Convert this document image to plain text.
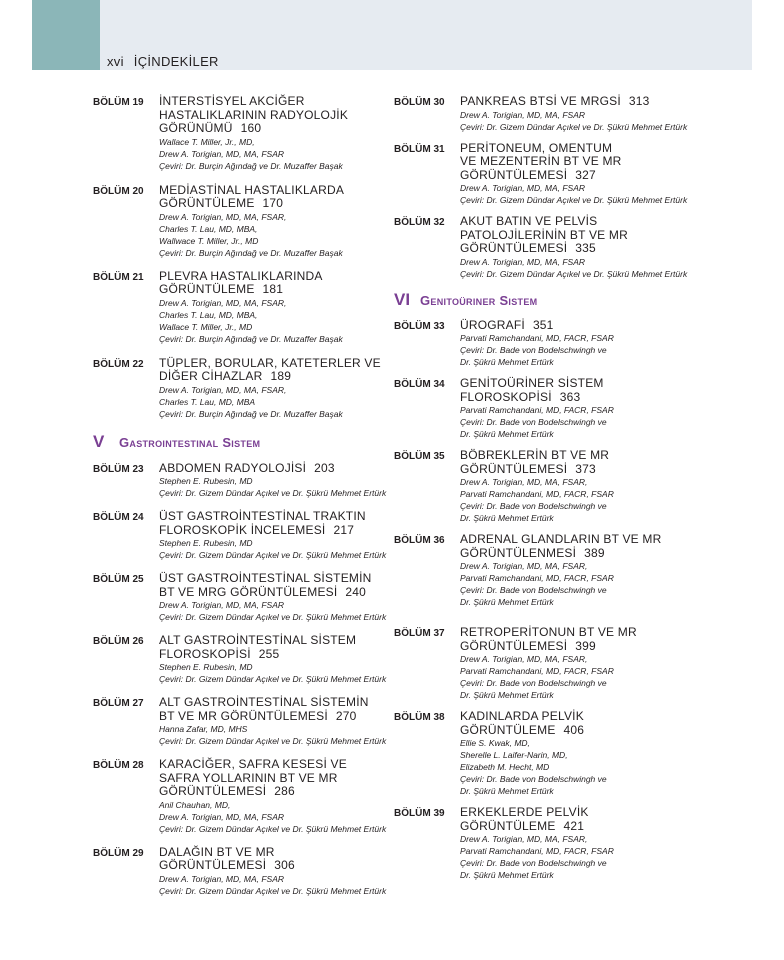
xvi İÇİNDEKİLER
BÖLÜM 19	İNTERSTİSYEL AKCİĞER
HASTALIKLARININ RADYOLOJİK
GÖRÜNÜMÜ 160
Wallace T. Miller, Jr., MD,
Drew A. Torigian, MD, MA, FSAR
Çeviri: Dr. Burçin Ağındağ ve Dr. Muzaffer Başak
BÖLÜM 20	MEDİASTİNAL HASTALIKLARDA
GÖRÜNTÜLEME 170
Drew A. Torigian, MD, MA, FSAR,
Charles T. Lau, MD, MBA,
Wallwace T. Miller, Jr., MD
Çeviri: Dr. Burçin Ağındağ ve Dr. Muzaffer Başak
BÖLÜM 21	PLEVRA HASTALIKLARINDA
GÖRÜNTÜLEME 181
Drew A. Torigian, MD, MA, FSAR,
Charles T. Lau, MD, MBA,
Wallace T. Miller, Jr., MD
Çeviri: Dr. Burçin Ağındağ ve Dr. Muzaffer Başak
BÖLÜM 22	TÜPLER, BORULAR, KATETERLER VE
DİĞER CİHAZLAR 189
Drew A. Torigian, MD, MA, FSAR,
Charles T. Lau, MD, MBA
Çeviri: Dr. Burçin Ağındağ ve Dr. Muzaffer Başak
V	Gastrointestinal Sistem
BÖLÜM 23	ABDOMEN RADYOLOJİSİ 203
Stephen E. Rubesin, MD
Çeviri: Dr. Gizem Dündar Açıkel ve Dr. Şükrü Mehmet Ertürk
BÖLÜM 24	ÜST GASTROİNTESTİNAL TRAKTIN
FLOROSKOPİK İNCELEMESİ 217
Stephen E. Rubesin, MD
Çeviri: Dr. Gizem Dündar Açıkel ve Dr. Şükrü Mehmet Ertürk
BÖLÜM 25	ÜST GASTROİNTESTİNAL SİSTEMİN
BT VE MRG GÖRÜNTÜLEMESİ 240
Drew A. Torigian, MD, MA, FSAR
Çeviri: Dr. Gizem Dündar Açıkel ve Dr. Şükrü Mehmet Ertürk
BÖLÜM 26	ALT GASTROİNTESTİNAL SİSTEM
FLOROSKOPİSİ 255
Stephen E. Rubesin, MD
Çeviri: Dr. Gizem Dündar Açıkel ve Dr. Şükrü Mehmet Ertürk
BÖLÜM 27	ALT GASTROİNTESTİNAL SİSTEMİN
BT VE MR GÖRÜNTÜLEMESİ 270
Hanna Zafar, MD, MHS
Çeviri: Dr. Gizem Dündar Açıkel ve Dr. Şükrü Mehmet Ertürk
BÖLÜM 28	KARACİĞER, SAFRA KESESİ VE
SAFRA YOLLARININ BT VE MR
GÖRÜNTÜLEMESİ 286
Anil Chauhan, MD,
Drew A. Torigian, MD, MA, FSAR
Çeviri: Dr. Gizem Dündar Açıkel ve Dr. Şükrü Mehmet Ertürk
BÖLÜM 29	DALAĞIN BT VE MR
GÖRÜNTÜLEMESİ 306
Drew A. Torigian, MD, MA, FSAR
Çeviri: Dr. Gizem Dündar Açıkel ve Dr. Şükrü Mehmet Ertürk
BÖLÜM 30	PANKREAS BTSİ VE MRGSİ 313
Drew A. Torigian, MD, MA, FSAR
Çeviri: Dr. Gizem Dündar Açıkel ve Dr. Şükrü Mehmet Ertürk
BÖLÜM 31	PERİTONEUM, OMENTUM
VE MEZENTERİN BT VE MR
GÖRÜNTÜLEMESİ 327
Drew A. Torigian, MD, MA, FSAR
Çeviri: Dr. Gizem Dündar Açıkel ve Dr. Şükrü Mehmet Ertürk
BÖLÜM 32	AKUT BATIN VE PELVİS
PATOLOJİLERİNİN BT VE MR
GÖRÜNTÜLEMESİ 335
Drew A. Torigian, MD, MA, FSAR
Çeviri: Dr. Gizem Dündar Açıkel ve Dr. Şükrü Mehmet Ertürk
VI Genitoüriner Sistem
BÖLÜM 33	ÜROGRAFİ 351
Parvati Ramchandani, MD, FACR, FSAR
Çeviri: Dr. Bade von Bodelschwingh ve
Dr. Şükrü Mehmet Ertürk
BÖLÜM 34	GENİTOÜRİNER SİSTEM
FLOROSKOPİSİ 363
Parvati Ramchandani, MD, FACR, FSAR
Çeviri: Dr. Bade von Bodelschwingh ve
Dr. Şükrü Mehmet Ertürk
BÖLÜM 35	BÖBREKLERİN BT VE MR
GÖRÜNTÜLEMESİ 373
Drew A. Torigian, MD, MA, FSAR,
Parvati Ramchandani, MD, FACR, FSAR
Çeviri: Dr. Bade von Bodelschwingh ve
Dr. Şükrü Mehmet Ertürk
BÖLÜM 36	ADRENAL GLANDLARIN BT VE MR
GÖRÜNTÜLENMESİ 389
Drew A. Torigian, MD, MA, FSAR,
Parvati Ramchandani, MD, FACR, FSAR
Çeviri: Dr. Bade von Bodelschwingh ve
Dr. Şükrü Mehmet Ertürk
BÖLÜM 37	RETROPERİTONUN BT VE MR
GÖRÜNTÜLEMESİ 399
Drew A. Torigian, MD, MA, FSAR,
Parvati Ramchandani, MD, FACR, FSAR
Çeviri: Dr. Bade von Bodelschwingh ve
Dr. Şükrü Mehmet Ertürk
BÖLÜM 38	KADINLARDA PELVİK
GÖRÜNTÜLEME 406
Ellie S. Kwak, MD,
Sherelle L. Laifer-Narin, MD,
Elizabeth M. Hecht, MD
Çeviri: Dr. Bade von Bodelschwingh ve
Dr. Şükrü Mehmet Ertürk
BÖLÜM 39	ERKEKLERDE PELVİK
GÖRÜNTÜLEME 421
Drew A. Torigian, MD, MA, FSAR,
Parvati Ramchandani, MD, FACR, FSAR
Çeviri: Dr. Bade von Bodelschwingh ve
Dr. Şükrü Mehmet Ertürk
